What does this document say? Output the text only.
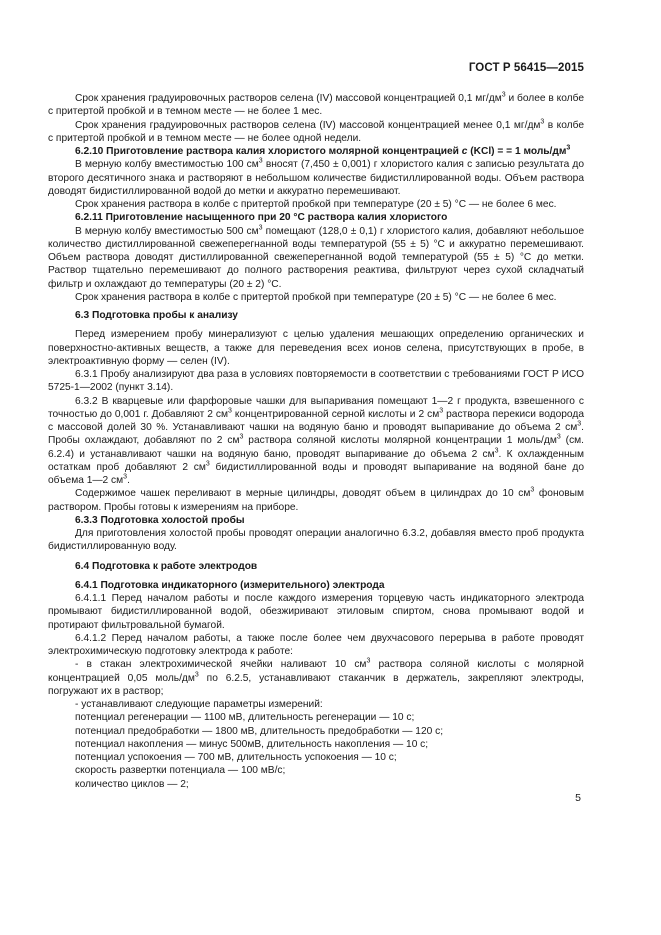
ГОСТ Р 56415—2015

Срок хранения градуировочных растворов селена (IV) массовой концентрацией 0,1 $мг/дм^3$ и более в колбе с притертой пробкой и в темном месте — не более 1 мес.

Срок хранения градуировочных растворов селена (IV) массовой концентрацией менее 0,1 $мг/дм^3$ в колбе с притертой пробкой и в темном месте — не более одной недели.

6.2.10 Приготовление раствора калия хлористого молярной концентрацией с (KCl) = = 1 моль/$дм^3$

В мерную колбу вместимостью 100 $см^3$ вносят (7,450 ± 0,001) г хлористого калия с записью результата до второго десятичного знака и растворяют в небольшом количестве бидистиллированной воды. Объем раствора доводят бидистиллированной водой до метки и аккуратно перемешивают.

Срок хранения раствора в колбе с притертой пробкой при температуре (20 ± 5) °С — не более 6 мес.

6.2.11 Приготовление насыщенного при 20 °С раствора калия хлористого

В мерную колбу вместимостью 500 $см^3$ помещают (128,0 ± 0,1) г хлористого калия, добавляют небольшое количество дистиллированной свежеперегнанной воды температурой (55 ± 5) °С и аккуратно перемешивают. Объем раствора доводят дистиллированной свежеперегнанной водой температурой (55 ± 5) °С до метки. Раствор тщательно перемешивают до полного растворения реактива, фильтруют через сухой складчатый фильтр и охлаждают до температуры (20 ± 2) °С.

Срок хранения раствора в колбе с притертой пробкой при температуре (20 ± 5) °С — не более 6 мес.

6.3 Подготовка пробы к анализу

Перед измерением пробу минерализуют с целью удаления мешающих определению органических и поверхностно-активных веществ, а также для переведения всех ионов селена, присутствующих в пробе, в электроактивную форму — селен (IV).

6.3.1 Пробу анализируют два раза в условиях повторяемости в соответствии с требованиями ГОСТ Р ИСО 5725-1—2002 (пункт 3.14).

6.3.2 В кварцевые или фарфоровые чашки для выпаривания помещают 1—2 г продукта, взвешенного с точностью до 0,001 г. Добавляют 2 $см^3$ концентрированной серной кислоты и 2 $см^3$ раствора перекиси водорода с массовой долей 30 %. Устанавливают чашки на водяную баню и проводят выпаривание до объема 2 $см^3$. Пробы охлаждают, добавляют по 2 $см^3$ раствора соляной кислоты молярной концентрации 1 моль/$дм^3$ (см. 6.2.4) и устанавливают чашки на водяную баню, проводят выпаривание до объема 2 $см^3$. К охлажденным остаткам проб добавляют 2 $см^3$ бидистиллированной воды и проводят выпаривание на водяной бане до объема 1—2 $см^3$.

Содержимое чашек переливают в мерные цилиндры, доводят объем в цилиндрах до 10 $см^3$ фоновым раствором. Пробы готовы к измерениям на приборе.

6.3.3 Подготовка холостой пробы

Для приготовления холостой пробы проводят операции аналогично 6.3.2, добавляя вместо проб продукта бидистиллированную воду.

6.4 Подготовка к работе электродов

6.4.1 Подготовка индикаторного (измерительного) электрода

6.4.1.1 Перед началом работы и после каждого измерения торцевую часть индикаторного электрода промывают бидистиллированной водой, обезжиривают этиловым спиртом, снова промывают водой и протирают фильтровальной бумагой.

6.4.1.2 Перед началом работы, а также после более чем двухчасового перерыва в работе проводят электрохимическую подготовку электрода к работе:

- в стакан электрохимической ячейки наливают 10 $см^3$ раствора соляной кислоты с молярной концентрацией 0,05 моль/$дм^3$ по 6.2.5, устанавливают стаканчик в держатель, закрепляют электроды, погружают их в раствор;

- устанавливают следующие параметры измерений:

потенциал регенерации — 1100 мВ, длительность регенерации — 10 с;

потенциал предобработки — 1800 мВ, длительность предобработки — 120 с;

потенциал накопления — минус 500мВ, длительность накопления — 10 с;

потенциал успокоения — 700 мВ, длительность успокоения — 10 с;

скорость развертки потенциала — 100 мВ/с;

количество циклов — 2;

5
